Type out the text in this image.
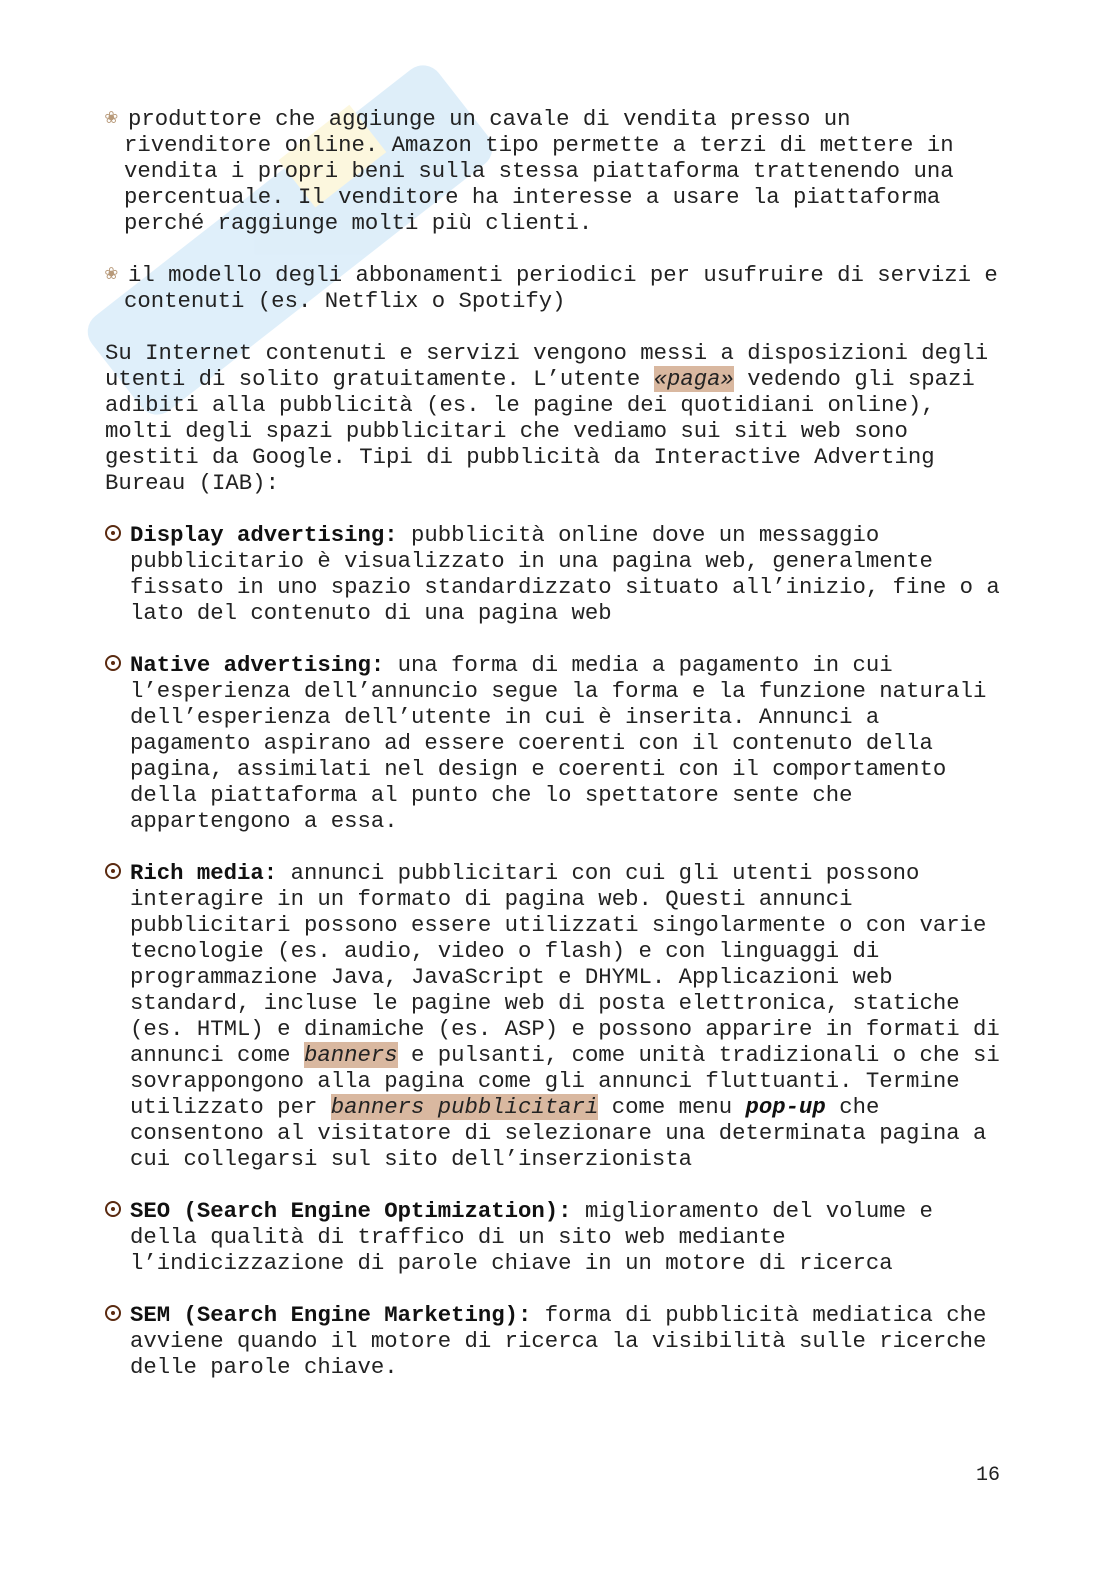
❀ produttore che aggiunge un cavale di vendita presso un
rivenditore online. Amazon tipo permette a terzi di mettere in
vendita i propri beni sulla stessa piattaforma trattenendo una
percentuale. Il venditore ha interesse a usare la piattaforma
perché raggiunge molti più clienti.
❀ il modello degli abbonamenti periodici per usufruire di servizi e
contenuti (es. Netflix o Spotify)
Su Internet contenuti e servizi vengono messi a disposizioni degli
utenti di solito gratuitamente. L’utente «paga» vedendo gli spazi
adibiti alla pubblicità (es. le pagine dei quotidiani online),
molti degli spazi pubblicitari che vediamo sui siti web sono
gestiti da Google. Tipi di pubblicità da Interactive Adverting
Bureau (IAB):
Display advertising: pubblicità online dove un messaggio
pubblicitario è visualizzato in una pagina web, generalmente
fissato in uno spazio standardizzato situato all’inizio, fine o a
lato del contenuto di una pagina web
Native advertising: una forma di media a pagamento in cui
l’esperienza dell’annuncio segue la forma e la funzione naturali
dell’esperienza dell’utente in cui è inserita. Annunci a
pagamento aspirano ad essere coerenti con il contenuto della
pagina, assimilati nel design e coerenti con il comportamento
della piattaforma al punto che lo spettatore sente che
appartengono a essa.
Rich media: annunci pubblicitari con cui gli utenti possono
interagire in un formato di pagina web. Questi annunci
pubblicitari possono essere utilizzati singolarmente o con varie
tecnologie (es. audio, video o flash) e con linguaggi di
programmazione Java, JavaScript e DHYML. Applicazioni web
standard, incluse le pagine web di posta elettronica, statiche
(es. HTML) e dinamiche (es. ASP) e possono apparire in formati di
annunci come banners e pulsanti, come unità tradizionali o che si
sovrappongono alla pagina come gli annunci fluttuanti. Termine
utilizzato per banners pubblicitari come menu pop-up che
consentono al visitatore di selezionare una determinata pagina a
cui collegarsi sul sito dell’inserzionista
SEO (Search Engine Optimization): miglioramento del volume e
della qualità di traffico di un sito web mediante
l’indicizzazione di parole chiave in un motore di ricerca
SEM (Search Engine Marketing): forma di pubblicità mediatica che
avviene quando il motore di ricerca la visibilità sulle ricerche
delle parole chiave.
16
